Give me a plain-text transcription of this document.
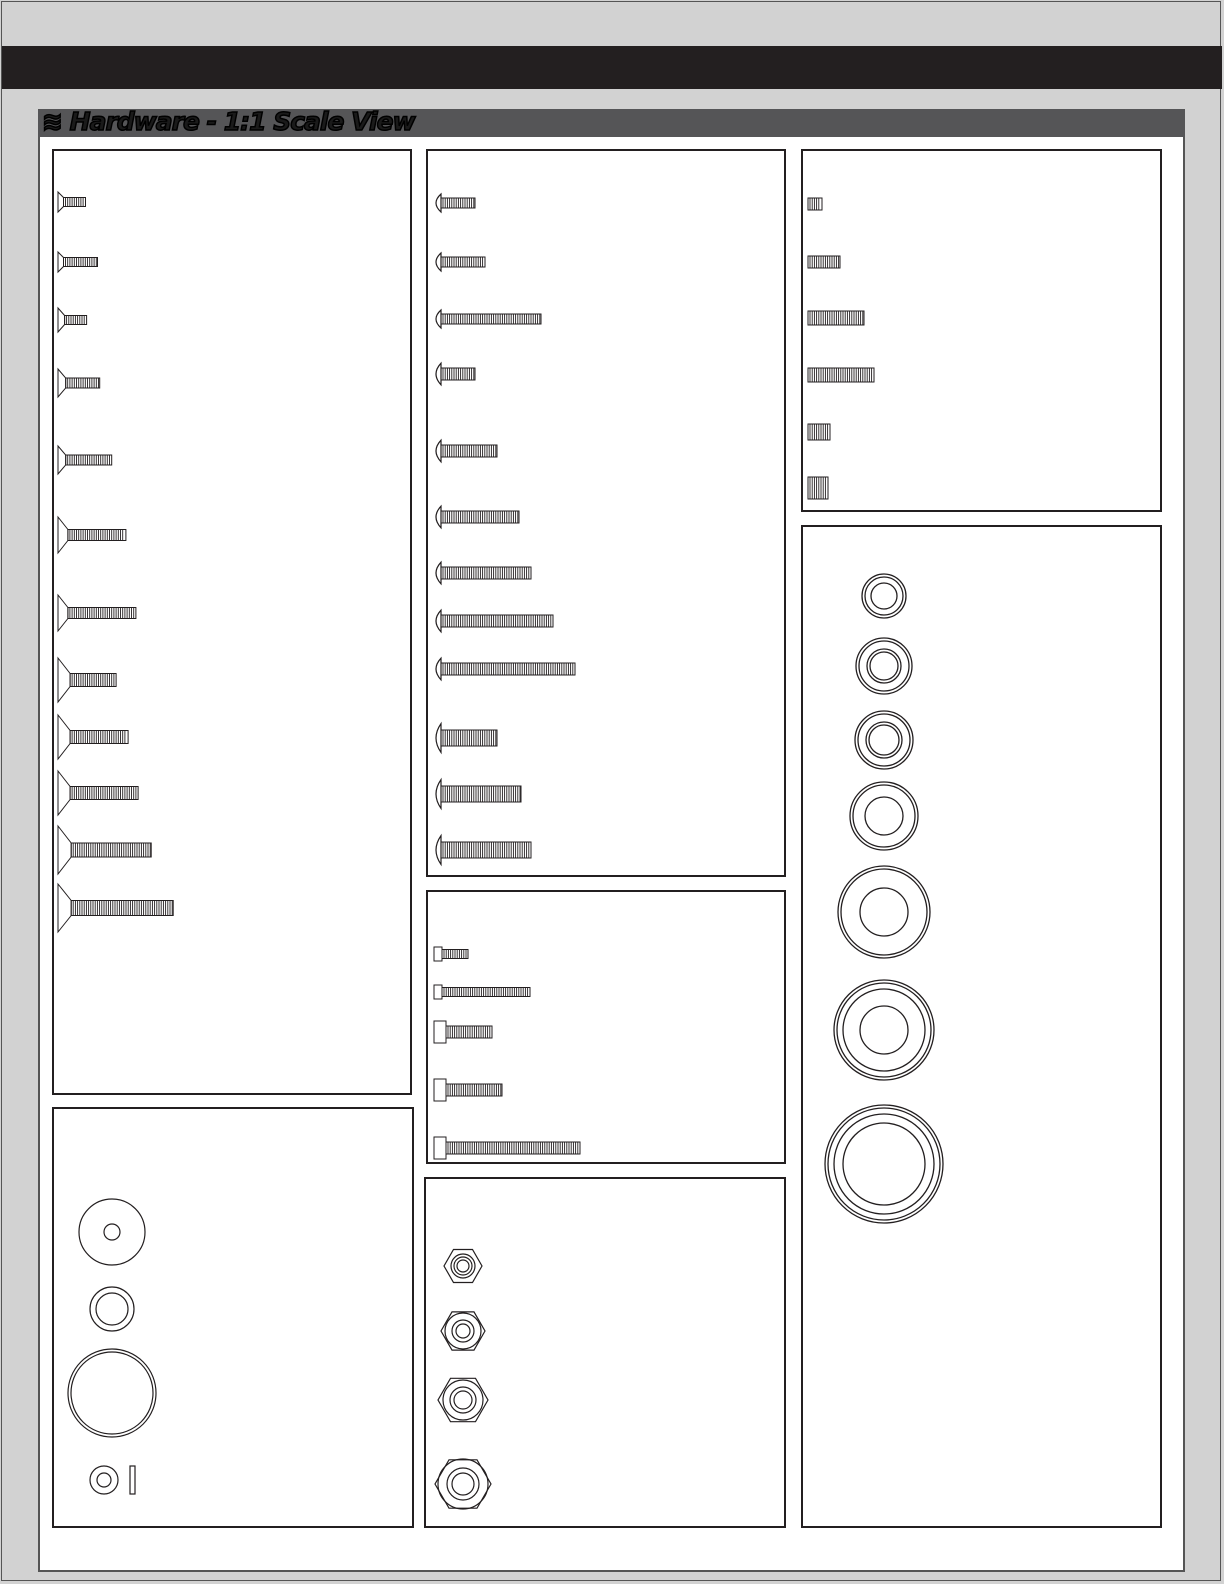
≋ Hardware - 1:1 Scale View
